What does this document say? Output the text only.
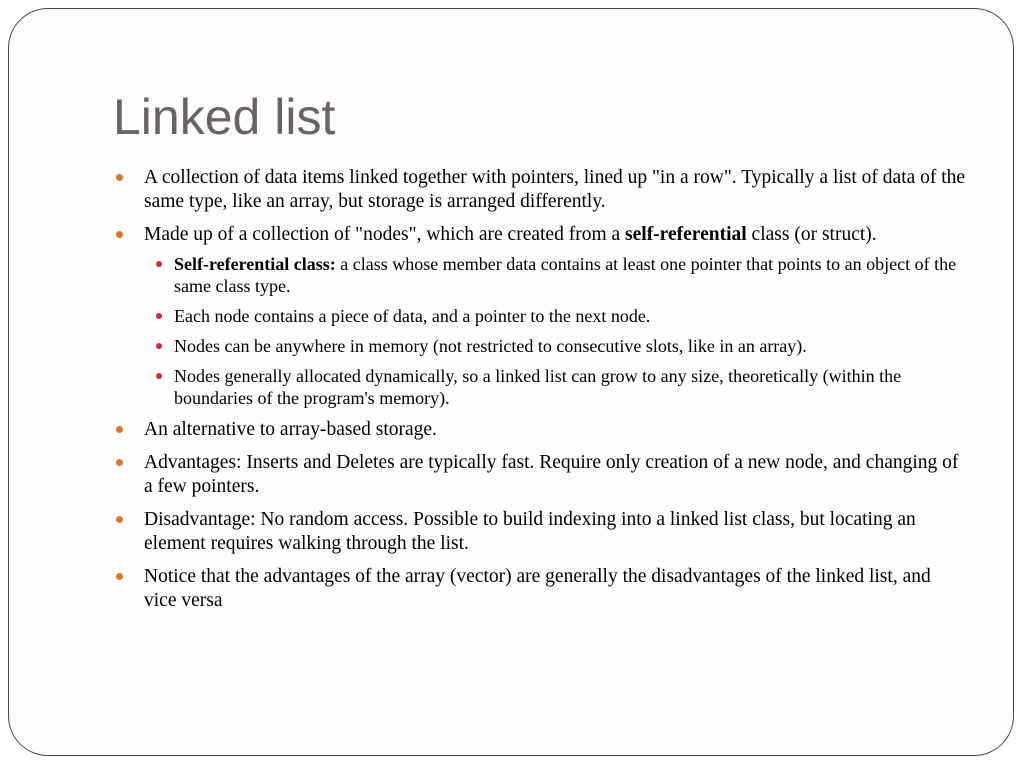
Linked list
A collection of data items linked together with pointers, lined up "in a row". Typically a list of data of the same type, like an array, but storage is arranged differently.
Made up of a collection of "nodes", which are created from a self-referential class (or struct).
Self-referential class: a class whose member data contains at least one pointer that points to an object of the same class type.
Each node contains a piece of data, and a pointer to the next node.
Nodes can be anywhere in memory (not restricted to consecutive slots, like in an array).
Nodes generally allocated dynamically, so a linked list can grow to any size, theoretically (within the boundaries of the program's memory).
An alternative to array-based storage.
Advantages: Inserts and Deletes are typically fast. Require only creation of a new node, and changing of a few pointers.
Disadvantage: No random access. Possible to build indexing into a linked list class, but locating an element requires walking through the list.
Notice that the advantages of the array (vector) are generally the disadvantages of the linked list, and vice versa
